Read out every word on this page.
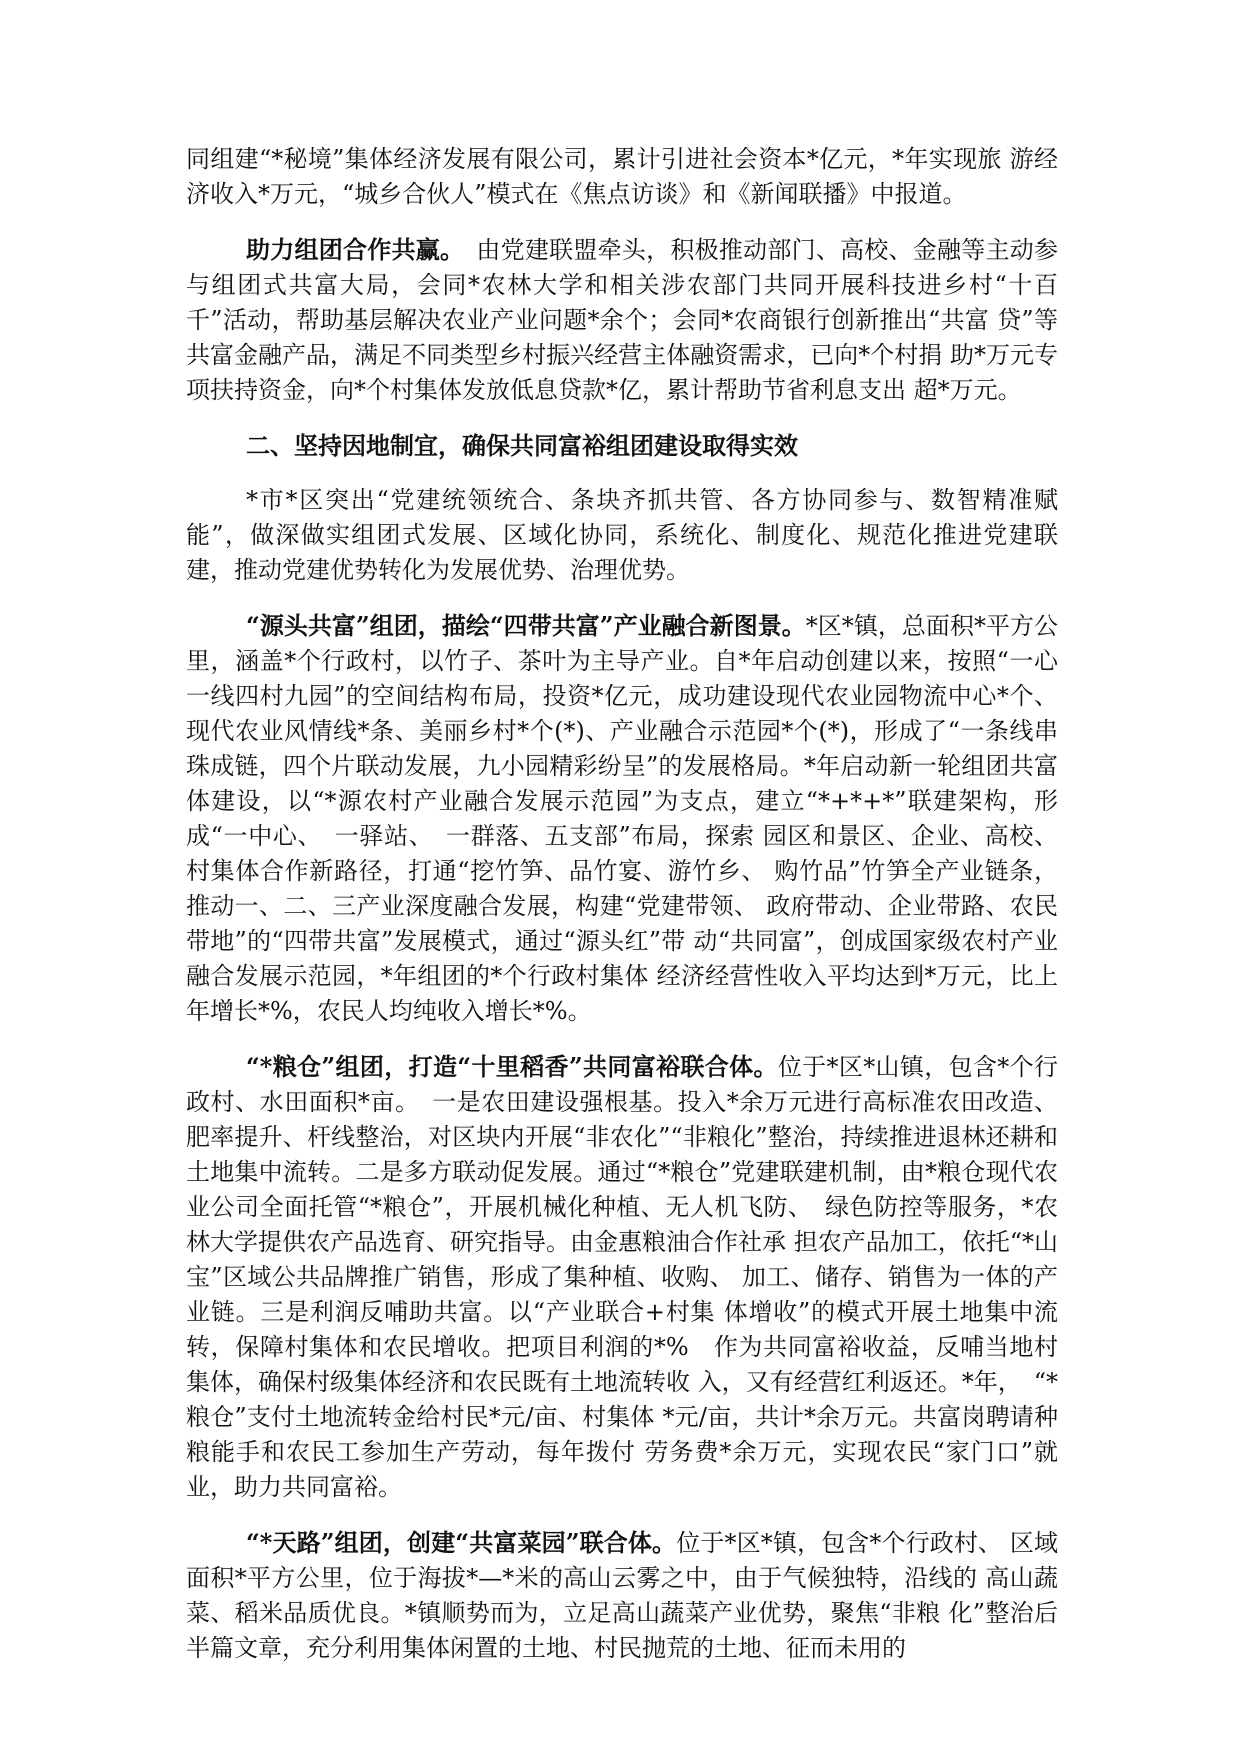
同组建“*秘境”集体经济发展有限公司，累计引进社会资本*亿元，*年实现旅 游经济收入*万元，“城乡合伙人”模式在《焦点访谈》和《新闻联播》中报道。

助力组团合作共赢。　由党建联盟牵头，积极推动部门、高校、金融等主动参与组团式共富大局，会同*农林大学和相关涉农部门共同开展科技进乡村“十百千”活动，帮助基层解决农业产业问题*余个；会同*农商银行创新推出“共富 贷”等共富金融产品，满足不同类型乡村振兴经营主体融资需求，已向*个村捐 助*万元专项扶持资金，向*个村集体发放低息贷款*亿，累计帮助节省利息支出 超*万元。

二、坚持因地制宜，确保共同富裕组团建设取得实效

*市*区突出“党建统领统合、条块齐抓共管、各方协同参与、数智精准赋 能”，做深做实组团式发展、区域化协同，系统化、制度化、规范化推进党建联 建，推动党建优势转化为发展优势、治理优势。

“源头共富”组团，描绘“四带共富”产业融合新图景。*区*镇，总面积*平方公里，涵盖*个行政村，以竹子、茶叶为主导产业。自*年启动创建以来，按照“一心一线四村九园”的空间结构布局，投资*亿元，成功建设现代农业园物流中心*个、现代农业风情线*条、美丽乡村*个(*)、产业融合示范园*个(*)，形成了“一条线串珠成链，四个片联动发展，九小园精彩纷呈”的发展格局。*年启动新一轮组团共富体建设，以“*源农村产业融合发展示范园”为支点，建立“*+*+*”联建架构，形成“一中心、　一驿站、　一群落、五支部”布局，探索 园区和景区、企业、高校、村集体合作新路径，打通“挖竹笋、品竹宴、游竹乡、 购竹品”竹笋全产业链条，推动一、二、三产业深度融合发展，构建“党建带领、 政府带动、企业带路、农民带地”的“四带共富”发展模式，通过“源头红”带 动“共同富”，创成国家级农村产业融合发展示范园，*年组团的*个行政村集体 经济经营性收入平均达到*万元，比上年增长*%，农民人均纯收入增长*%。

“*粮仓”组团，打造“十里稻香”共同富裕联合体。位于*区*山镇，包含*个行政村、水田面积*亩。　一是农田建设强根基。投入*余万元进行高标准农田改造、肥率提升、杆线整治，对区块内开展“非农化”“非粮化”整治，持续推进退林还耕和土地集中流转。二是多方联动促发展。通过“*粮仓”党建联建机制，由*粮仓现代农业公司全面托管“*粮仓”，开展机械化种植、无人机飞防、　绿色防控等服务，*农林大学提供农产品选育、研究指导。由金惠粮油合作社承 担农产品加工，依托“*山宝”区域公共品牌推广销售，形成了集种植、收购、 加工、储存、销售为一体的产业链。三是利润反哺助共富。以“产业联合+村集 体增收”的模式开展土地集中流转，保障村集体和农民增收。把项目利润的*%　作为共同富裕收益，反哺当地村集体，确保村级集体经济和农民既有土地流转收 入，又有经营红利返还。*年，　“*粮仓”支付土地流转金给村民*元/亩、村集体 *元/亩，共计*余万元。共富岗聘请种粮能手和农民工参加生产劳动，每年拨付 劳务费*余万元，实现农民“家门口”就业，助力共同富裕。

“*天路”组团，创建“共富菜园”联合体。位于*区*镇，包含*个行政村、 区域面积*平方公里，位于海拔*—*米的高山云雾之中，由于气候独特，沿线的 高山蔬菜、稻米品质优良。*镇顺势而为，立足高山蔬菜产业优势，聚焦“非粮 化”整治后半篇文章，充分利用集体闲置的土地、村民抛荒的土地、征而未用的
